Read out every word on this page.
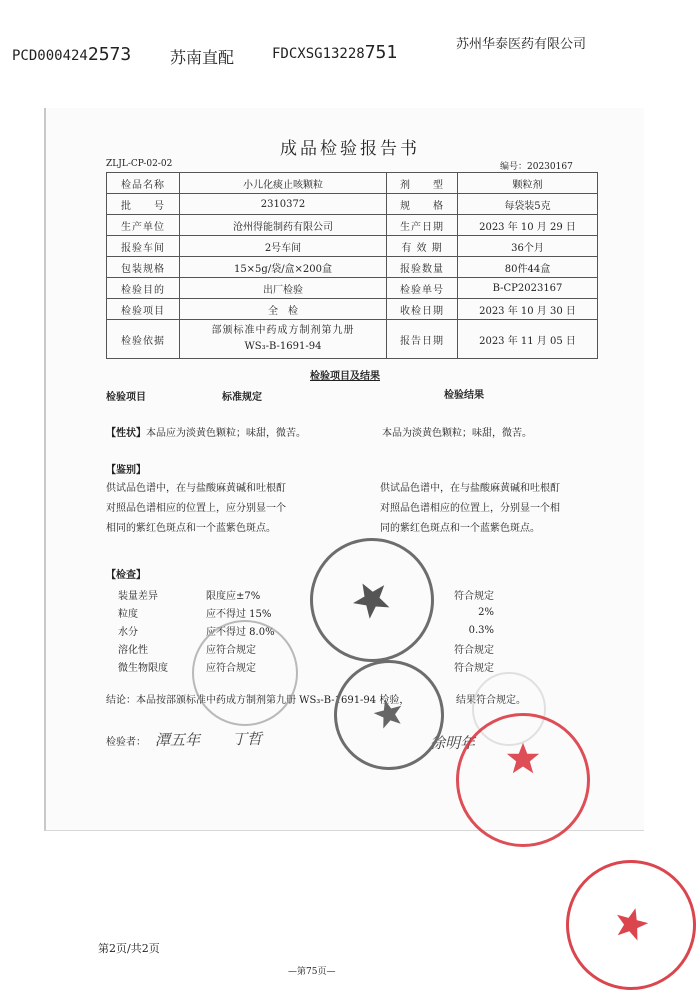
PCD0004242573 苏南直配	FDCXSG13228751	苏州华泰医药有限公司
成品检验报告书
ZLJL-CP-02-02	编号：20230167
检品名称	小儿化痰止咳颗粒	剂　　型	颗粒剂
批　　号	2310372	规　　格	每袋装5克
生产单位	沧州得能制药有限公司	生产日期	2023 年 10 月 29 日
报验车间	2号车间	有 效 期	36个月
包装规格	15×5g/袋/盒×200盒	报验数量	80件44盒
检验目的	出厂检验	检验单号	B-CP2023167
检验项目	全　检	收检日期	2023 年 10 月 30 日
检验依据	部颁标准中药成方制剂第九册
WS₃-B-1691-94	报告日期	2023 年 11 月 05 日
检验项目及结果
检验项目	标准规定	检验结果
【性状】本品应为淡黄色颗粒；味甜，微苦。	本品为淡黄色颗粒；味甜，微苦。
【鉴别】
供试品色谱中，在与盐酸麻黄碱和吐根酊
对照品色谱相应的位置上，应分别显一个
相同的紫红色斑点和一个蓝紫色斑点。
供试品色谱中，在与盐酸麻黄碱和吐根酊
对照品色谱相应的位置上，分别显一个相
同的紫红色斑点和一个蓝紫色斑点。
【检查】
装量差异	限度应±7%	符合规定
粒度	应不得过 15%	2%
水分	应不得过 8.0%	0.3%
溶化性	应符合规定	符合规定
微生物限度	应符合规定	符合规定
结论：本品按部颁标准中药成方制剂第九册 WS₃-B-1691-94 检验，	结果符合规定。
检验者： 潭五年 丁哲	徐明年
第2页/共2页
—第75页—
